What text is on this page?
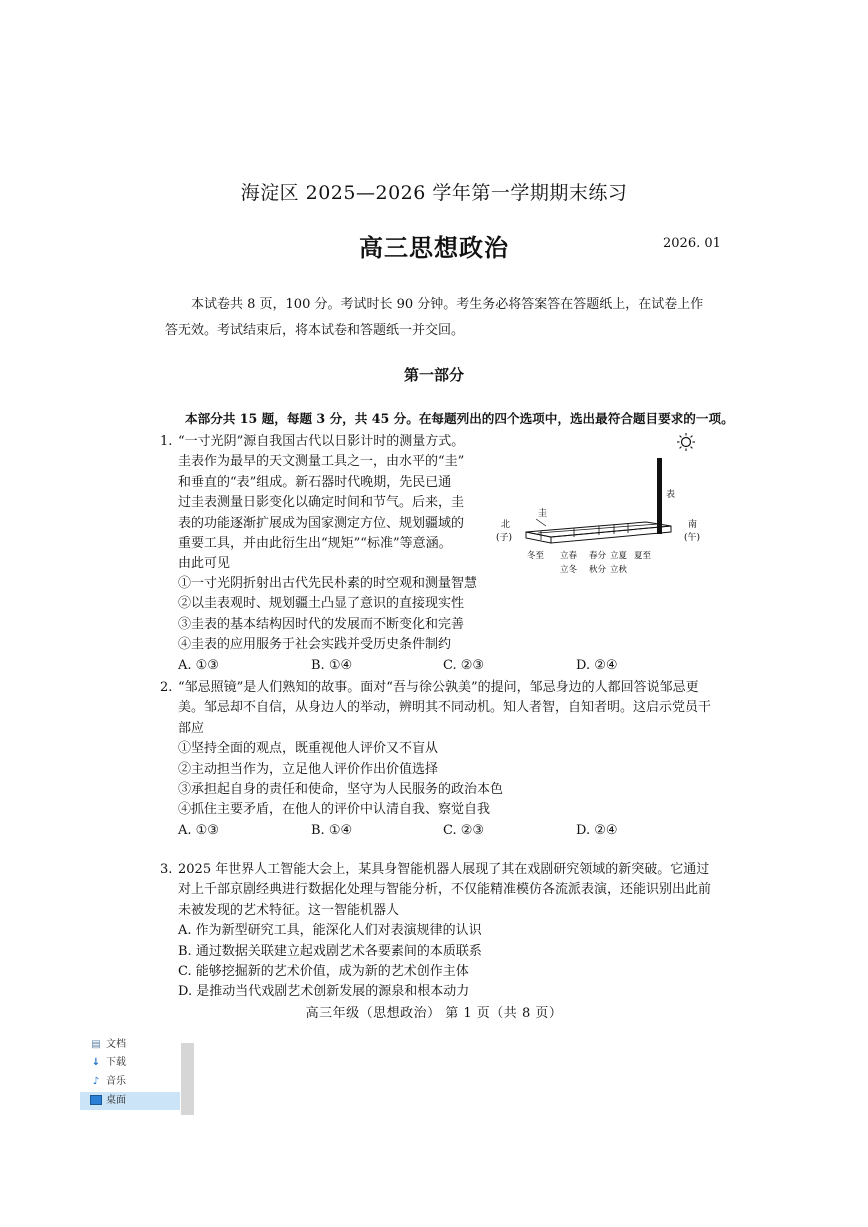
海淀区 2025—2026 学年第一学期期末练习
高三思想政治	2026. 01
本试卷共 8 页，100 分。考试时长 90 分钟。考生务必将答案答在答题纸上，在试卷上作答无效。考试结束后，将本试卷和答题纸一并交回。
第一部分
本部分共 15 题，每题 3 分，共 45 分。在每题列出的四个选项中，选出最符合题目要求的一项。
1. “一寸光阴”源自我国古代以日影计时的测量方式。
圭表作为最早的天文测量工具之一，由水平的“圭”
和垂直的“表”组成。新石器时代晚期，先民已通
过圭表测量日影变化以确定时间和节气。后来，圭
表的功能逐渐扩展成为国家测定方位、规划疆域的
重要工具，并由此衍生出“规矩”“标准”等意涵。
由此可见
①一寸光阴折射出古代先民朴素的时空观和测量智慧
②以圭表观时、规划疆土凸显了意识的直接现实性
③圭表的基本结构因时代的发展而不断变化和完善
④圭表的应用服务于社会实践并受历史条件制约
A. ①③	B. ①④	C. ②③	D. ②④
表
圭
北
(子)
南
(午)
冬至 立春 春分 立夏 夏至
立冬 秋分 立秋
2. “邹忌照镜”是人们熟知的故事。面对“吾与徐公孰美”的提问，邹忌身边的人都回答说邹忌更美。邹忌却不自信，从身边人的举动，辨明其不同动机。知人者智，自知者明。这启示党员干部应
①坚持全面的观点，既重视他人评价又不盲从
②主动担当作为，立足他人评价作出价值选择
③承担起自身的责任和使命，坚守为人民服务的政治本色
④抓住主要矛盾，在他人的评价中认清自我、察觉自我
A. ①③	B. ①④	C. ②③	D. ②④
3. 2025 年世界人工智能大会上，某具身智能机器人展现了其在戏剧研究领域的新突破。它通过对上千部京剧经典进行数据化处理与智能分析，不仅能精准模仿各流派表演，还能识别出此前未被发现的艺术特征。这一智能机器人
A. 作为新型研究工具，能深化人们对表演规律的认识
B. 通过数据关联建立起戏剧艺术各要素间的本质联系
C. 能够挖掘新的艺术价值，成为新的艺术创作主体
D. 是推动当代戏剧艺术创新发展的源泉和根本动力
高三年级（思想政治） 第 1 页（共 8 页）
▤ 文档
↓ 下载
♪ 音乐
桌面
